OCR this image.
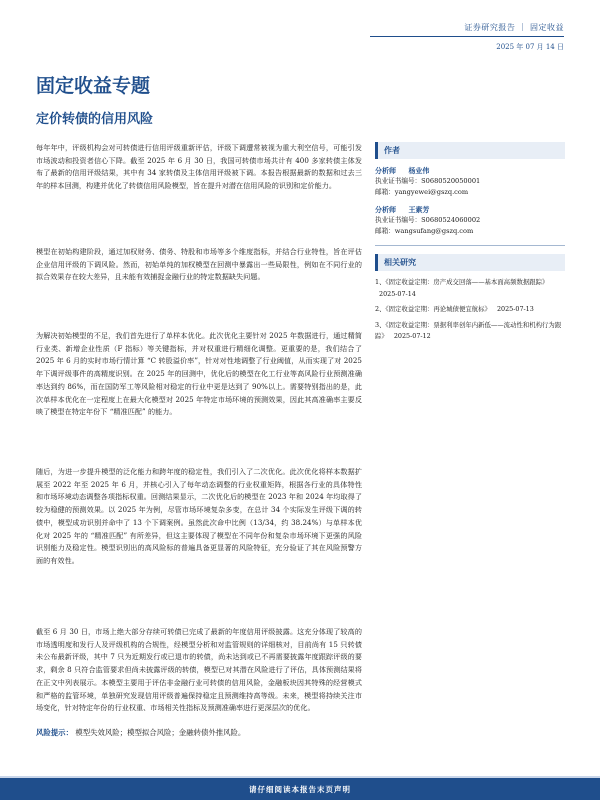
证券研究报告 ｜ 固定收益
2025 年 07 月 14 日
固定收益专题
定价转债的信用风险

每年年中，评级机构会对可转债进行信用评级重新评估，评级下调遭常被视为重大利空信号，可能引发市场波动和投资者信心下降。截至 2025 年 6 月 30 日，我国可转债市场共计有 400 多家转债主体发布了最新的信用评级结果，其中有 34 家转债及主体信用评级被下调。本报告根据最新的数据和过去三年的样本回测，构建并优化了转债信用风险模型，旨在提升对潜在信用风险的识别和定价能力。

模型在初始构建阶段，通过加权财务、债务、特股和市场等多个维度指标，并结合行业特性，旨在评估企业信用评级的下调风险。然而，初始单纯的加权模型在回测中暴露出一些局限性，例如在不同行业的拟合效果存在较大差异，且未能有效捕捉金融行业的特定数据缺失问题。

为解决初始模型的不足，我们首先进行了单样本优化。此次优化主要针对 2025 年数据进行，通过精简行业类、新增企业性质（F 指标）等关键指标，并对权重进行精细化调整。更重要的是，我们结合了 2025 年 6 月的实时市场行情计算 “C 转股溢价率”，针对对性地调整了行业阈值，从而实现了对 2025 年下调评级事件的高精度识别。在 2025 年的回测中，优化后的模型在化工行业等高风险行业预测准确率达到约 86%，而在国防军工等风险相对稳定的行业中更是达到了 90%以上。需要特别指出的是，此次单样本优化在一定程度上在最大化模型对 2025 年特定市场环境的预测效果，因此其高准确率主要反映了模型在特定年份下 “精准匹配” 的能力。

随后，为进一步提升模型的泛化能力和跨年度的稳定性，我们引入了二次优化。此次优化将样本数据扩展至 2022 年至 2025 年 6 月，并核心引入了每年动态调整的行业权重矩阵，根据各行业的具体特性和市场环境动态调整各项指标权重。回测结果显示，二次优化后的模型在 2023 年和 2024 年均取得了较为稳健的预测效果。以 2025 年为例，尽管市场环境复杂多变，在总计 34 个实际发生评级下调的转债中，模型成功识别并命中了 13 个下调案例。虽然此次命中比例（13/34，约 38.24%）与单样本优化对 2025 年的 “精准匹配” 有所差异，但这主要体现了模型在不同年份和复杂市场环境下更强的风险识别能力及稳定性。模型识别出的高风险标的普遍具备更显著的风险特征，充分验证了其在风险预警方面的有效性。

截至 6 月 30 日，市场上绝大部分存续可转债已完成了最新的年度信用评级披露。这充分体现了较高的市场透明度和发行人及评级机构的合规性，经模型分析和对监管规则的详细核对，目前尚有 15 只转债未公布最新评级，其中 7 只为近期发行或已退市的转债，尚未达到或已不再需要披露年度跟踪评级的要求，剩余 8 只符合监管要求但尚未披露评级的转债，模型已对其潜在风险进行了评估，具体预测结果将在正文中列表展示。本模型主要用于评估非金融行业可转债的信用风险，金融板块因其特殊的经营模式和严格的监管环境，单独研究发现信用评级普遍保持稳定且预测维持高等级。未来，模型将持续关注市场变化，针对特定年份的行业权重、市场相关性指标及预测准确率进行更深层次的优化。

风险提示： 模型失效风险；模型拟合风险；金融转债外推风险。
作者
分析师 杨业伟
执业证书编号：S0680520050001
邮箱：yangyewei@gszq.com
分析师 王素芳
执业证书编号：S0680524060002
邮箱：wangsufang@gszq.com
相关研究
1、《固定收益定期：房产成交回落——基本面高频数据跟踪》 2025-07-14
2、《固定收益定期：再论城债便宜航标》 2025-07-13
3、《固定收益定期：票据利率创年内新低——流动性和机构行为跟踪》 2025-07-12
请仔细阅读本报告末页声明
